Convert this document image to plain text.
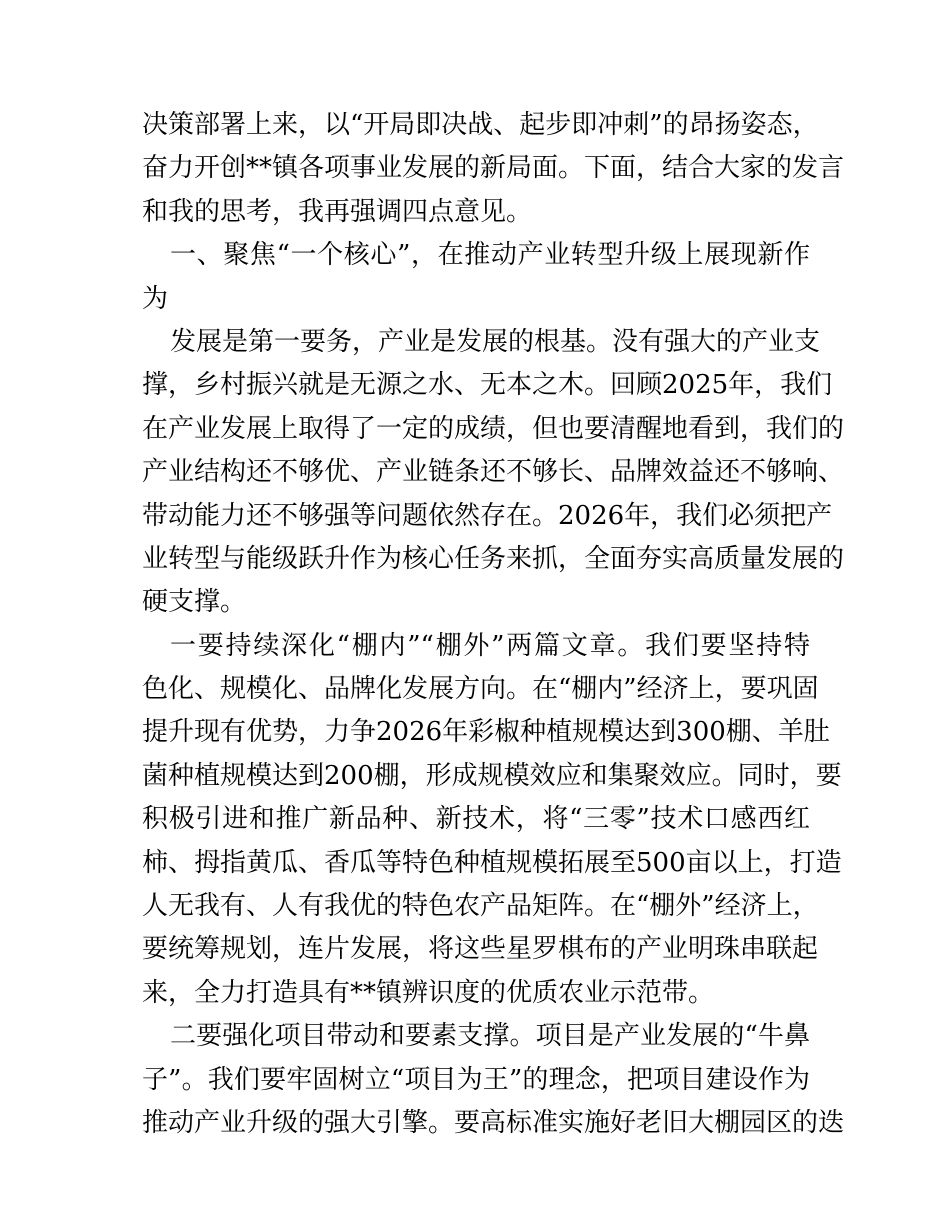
决策部署上来，以“开局即决战、起步即冲刺”的昂扬姿态，
奋力开创**镇各项事业发展的新局面。下面，结合大家的发言
和我的思考，我再强调四点意见。
一、聚焦“一个核心”，在推动产业转型升级上展现新作
为
发展是第一要务，产业是发展的根基。没有强大的产业支
撑，乡村振兴就是无源之水、无本之木。回顾2025年，我们
在产业发展上取得了一定的成绩，但也要清醒地看到，我们的
产业结构还不够优、产业链条还不够长、品牌效益还不够响、
带动能力还不够强等问题依然存在。2026年，我们必须把产
业转型与能级跃升作为核心任务来抓，全面夯实高质量发展的
硬支撑。
一要持续深化“棚内”“棚外”两篇文章。我们要坚持特
色化、规模化、品牌化发展方向。在“棚内”经济上，要巩固
提升现有优势，力争2026年彩椒种植规模达到300棚、羊肚
菌种植规模达到200棚，形成规模效应和集聚效应。同时，要
积极引进和推广新品种、新技术，将“三零”技术口感西红
柿、拇指黄瓜、香瓜等特色种植规模拓展至500亩以上，打造
人无我有、人有我优的特色农产品矩阵。在“棚外”经济上，
要统筹规划，连片发展，将这些星罗棋布的产业明珠串联起
来，全力打造具有**镇辨识度的优质农业示范带。
二要强化项目带动和要素支撑。项目是产业发展的“牛鼻
子”。我们要牢固树立“项目为王”的理念，把项目建设作为
推动产业升级的强大引擎。要高标准实施好老旧大棚园区的迭
